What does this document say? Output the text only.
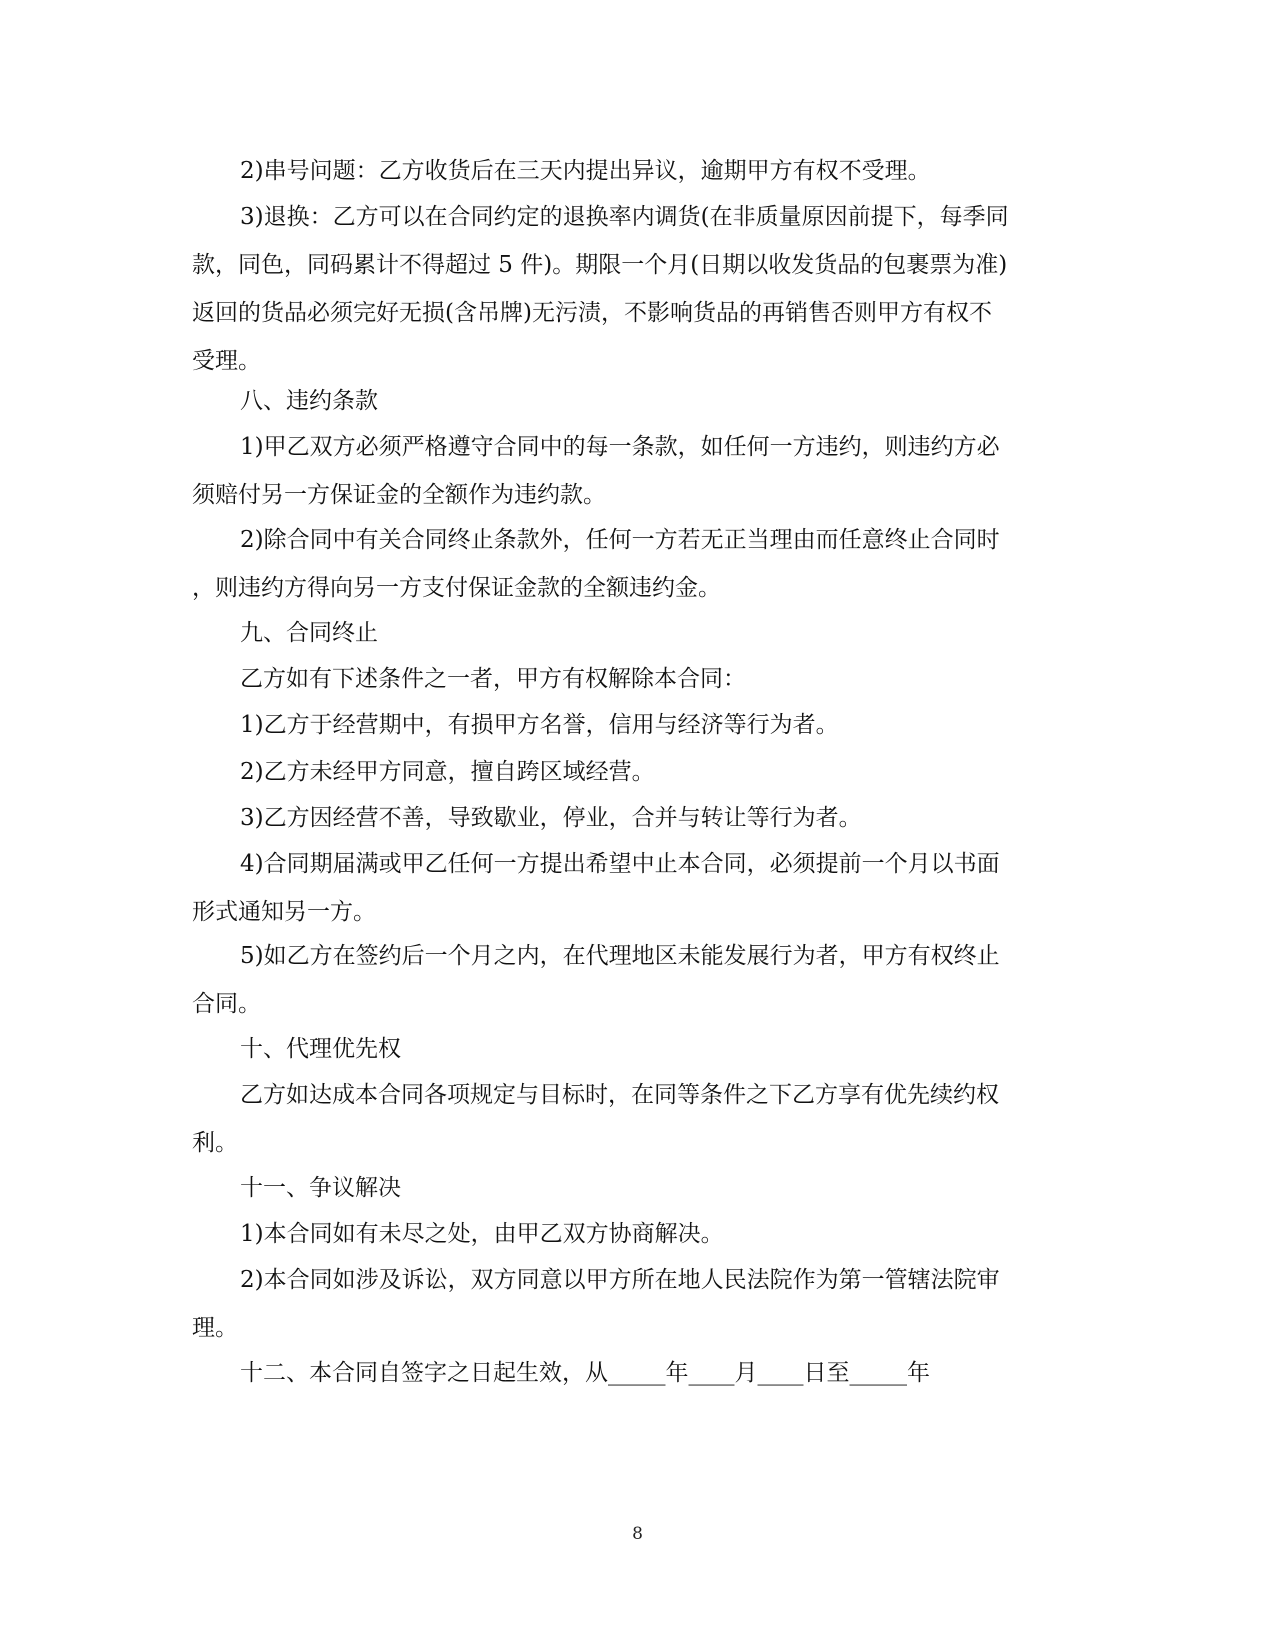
2)串号问题：乙方收货后在三天内提出异议，逾期甲方有权不受理。

3)退换：乙方可以在合同约定的退换率内调货(在非质量原因前提下，每季同
款，同色，同码累计不得超过 5 件)。期限一个月(日期以收发货品的包裹票为准)
返回的货品必须完好无损(含吊牌)无污渍，不影响货品的再销售否则甲方有权不
受理。

八、违约条款

1)甲乙双方必须严格遵守合同中的每一条款，如任何一方违约，则违约方必
须赔付另一方保证金的全额作为违约款。

2)除合同中有关合同终止条款外，任何一方若无正当理由而任意终止合同时
，则违约方得向另一方支付保证金款的全额违约金。

九、合同终止

乙方如有下述条件之一者，甲方有权解除本合同：

1)乙方于经营期中，有损甲方名誉，信用与经济等行为者。

2)乙方未经甲方同意，擅自跨区域经营。

3)乙方因经营不善，导致歇业，停业，合并与转让等行为者。

4)合同期届满或甲乙任何一方提出希望中止本合同，必须提前一个月以书面
形式通知另一方。

5)如乙方在签约后一个月之内，在代理地区未能发展行为者，甲方有权终止
合同。

十、代理优先权

乙方如达成本合同各项规定与目标时，在同等条件之下乙方享有优先续约权
利。

十一、争议解决

1)本合同如有未尽之处，由甲乙双方协商解决。

2)本合同如涉及诉讼，双方同意以甲方所在地人民法院作为第一管辖法院审
理。

十二、本合同自签字之日起生效，从_____年____月____日至_____年

8
